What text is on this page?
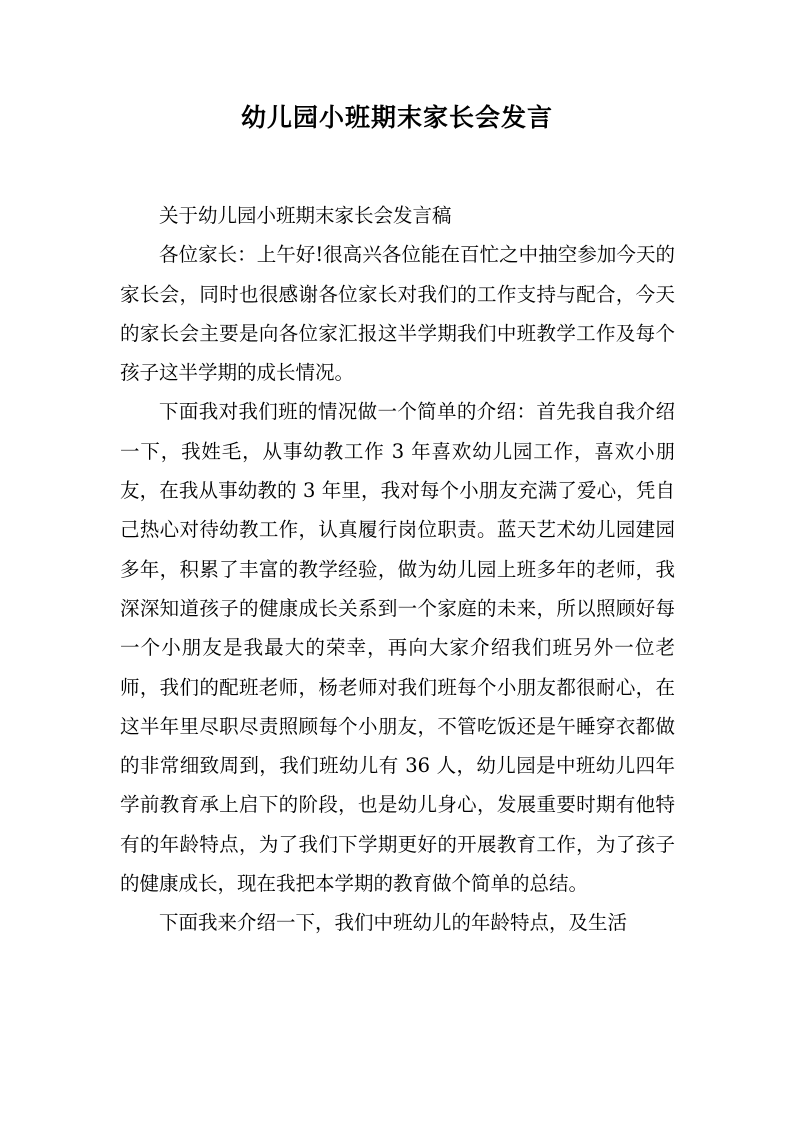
幼儿园小班期末家长会发言

关于幼儿园小班期末家长会发言稿

各位家长：上午好!很高兴各位能在百忙之中抽空参加今天的家长会，同时也很感谢各位家长对我们的工作支持与配合，今天的家长会主要是向各位家汇报这半学期我们中班教学工作及每个孩子这半学期的成长情况。

下面我对我们班的情况做一个简单的介绍：首先我自我介绍一下，我姓毛，从事幼教工作 3 年喜欢幼儿园工作，喜欢小朋友，在我从事幼教的 3 年里，我对每个小朋友充满了爱心，凭自己热心对待幼教工作，认真履行岗位职责。蓝天艺术幼儿园建园多年，积累了丰富的教学经验，做为幼儿园上班多年的老师，我深深知道孩子的健康成长关系到一个家庭的未来，所以照顾好每一个小朋友是我最大的荣幸，再向大家介绍我们班另外一位老师，我们的配班老师，杨老师对我们班每个小朋友都很耐心，在这半年里尽职尽责照顾每个小朋友，不管吃饭还是午睡穿衣都做的非常细致周到，我们班幼儿有 36 人，幼儿园是中班幼儿四年学前教育承上启下的阶段，也是幼儿身心，发展重要时期有他特有的年龄特点，为了我们下学期更好的开展教育工作，为了孩子的健康成长，现在我把本学期的教育做个简单的总结。

下面我来介绍一下，我们中班幼儿的年龄特点，及生活
